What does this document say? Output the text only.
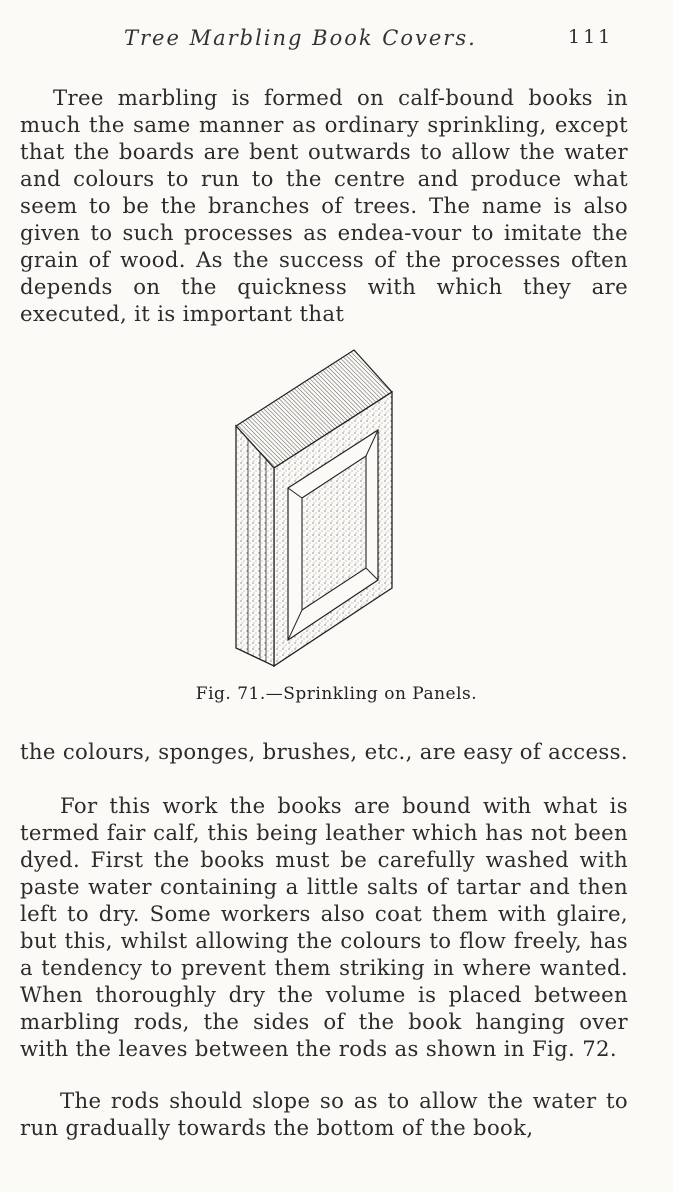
Tree Marbling Book Covers.	111

Tree marbling is formed on calf-bound books in much the same manner as ordinary sprinkling, except that the boards are bent outwards to allow the water and colours to run to the centre and produce what seem to be the branches of trees. The name is also given to such processes as endea-vour to imitate the grain of wood. As the success of the processes often depends on the quickness with which they are executed, it is important that

Fig. 71.—Sprinkling on Panels.

the colours, sponges, brushes, etc., are easy of access.

For this work the books are bound with what is termed fair calf, this being leather which has not been dyed. First the books must be carefully washed with paste water containing a little salts of tartar and then left to dry. Some workers also coat them with glaire, but this, whilst allowing the colours to flow freely, has a tendency to prevent them striking in where wanted. When thoroughly dry the volume is placed between marbling rods, the sides of the book hanging over with the leaves between the rods as shown in Fig. 72.

The rods should slope so as to allow the water to run gradually towards the bottom of the book,
